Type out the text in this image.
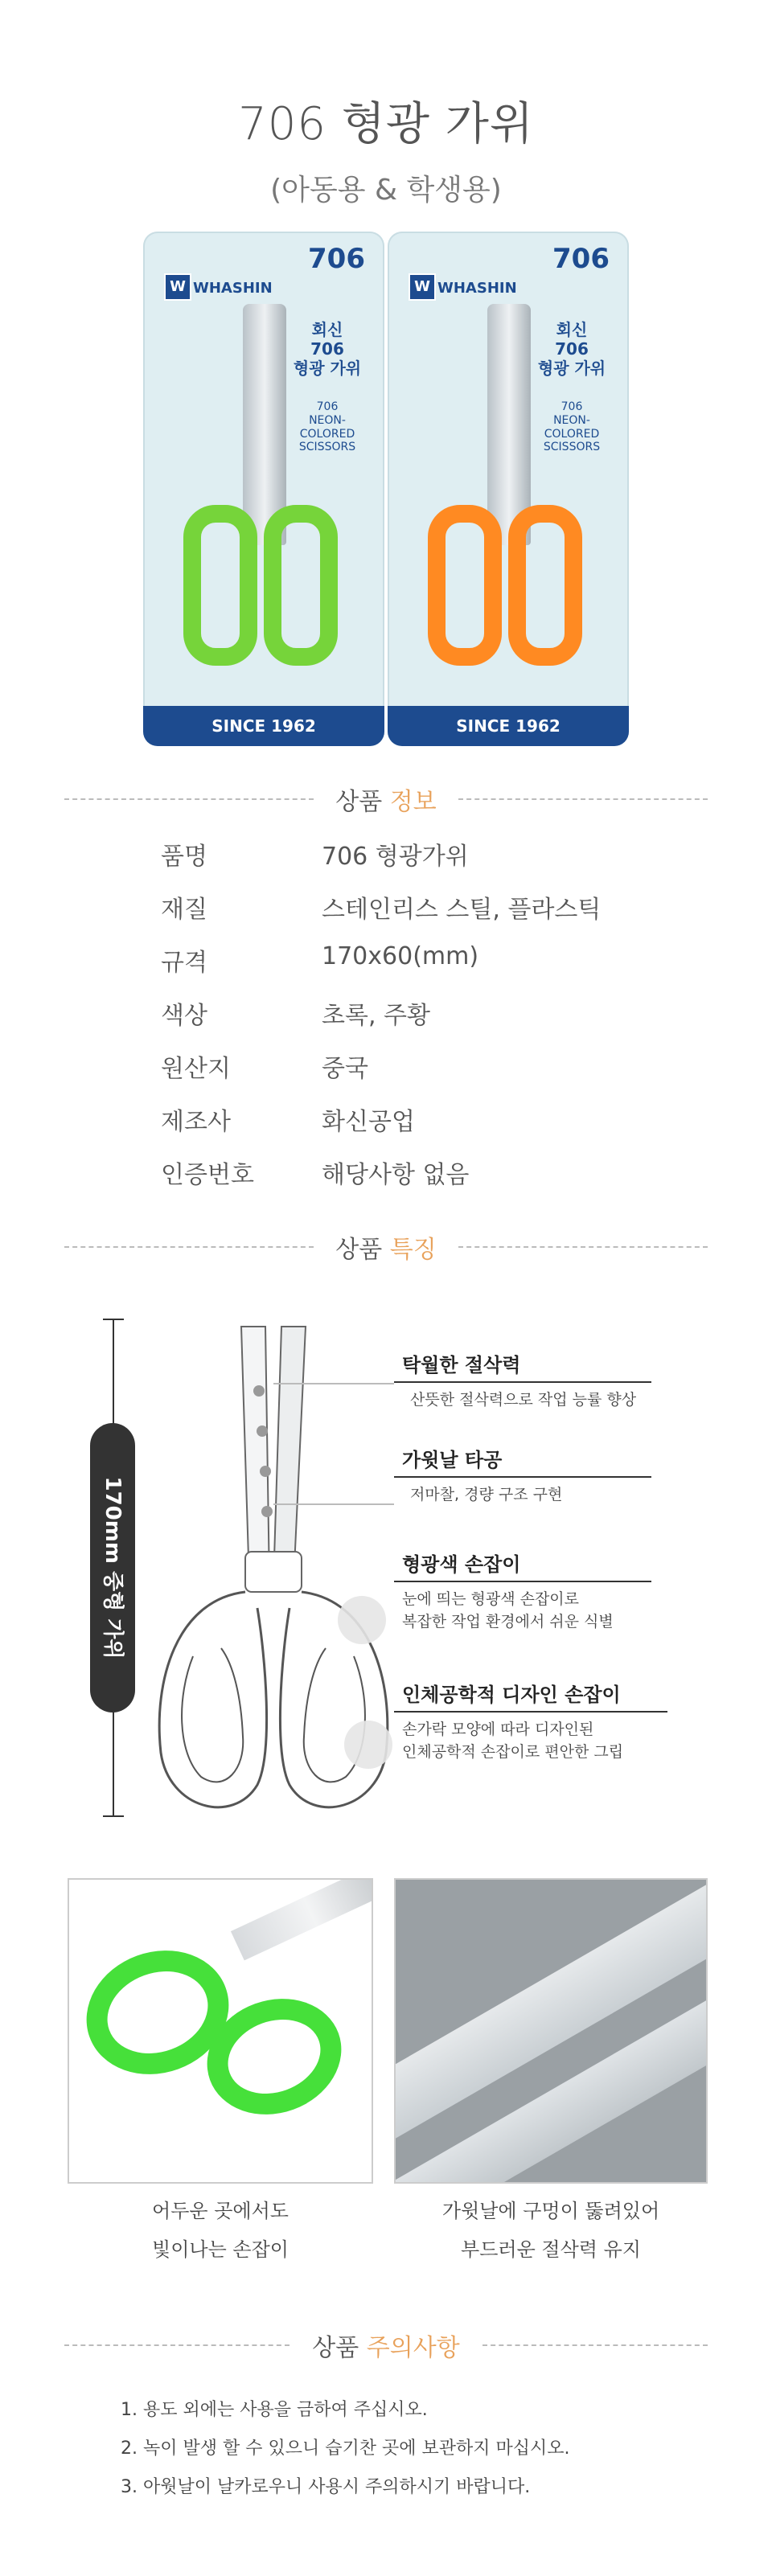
706 형광 가위
(아동용 & 학생용)
706
W WHASHIN
회신
706
형광 가위
706
NEON-
COLORED
SCISSORS
SINCE 1962
706
W WHASHIN
회신
706
형광 가위
706
NEON-
COLORED
SCISSORS
SINCE 1962
상품 정보
품명	706 형광가위
재질	스테인리스 스틸, 플라스틱
규격	170x60(mm)
색상	초록, 주황
원산지	중국
제조사	화신공업
인증번호	해당사항 없음
상품 특징
170mm 중형 가위
탁월한 절삭력
산뜻한 절삭력으로 작업 능률 향상
가윗날 타공
저마찰, 경량 구조 구현
형광색 손잡이
눈에 띄는 형광색 손잡이로
복잡한 작업 환경에서 쉬운 식별
인체공학적 디자인 손잡이
손가락 모양에 따라 디자인된
인체공학적 손잡이로 편안한 그립
어두운 곳에서도
빛이나는 손잡이
가윗날에 구멍이 뚫려있어
부드러운 절삭력 유지
상품 주의사항
1. 용도 외에는 사용을 금하여 주십시오.
2. 녹이 발생 할 수 있으니 습기찬 곳에 보관하지 마십시오.
3. 아웟날이 날카로우니 사용시 주의하시기 바랍니다.
